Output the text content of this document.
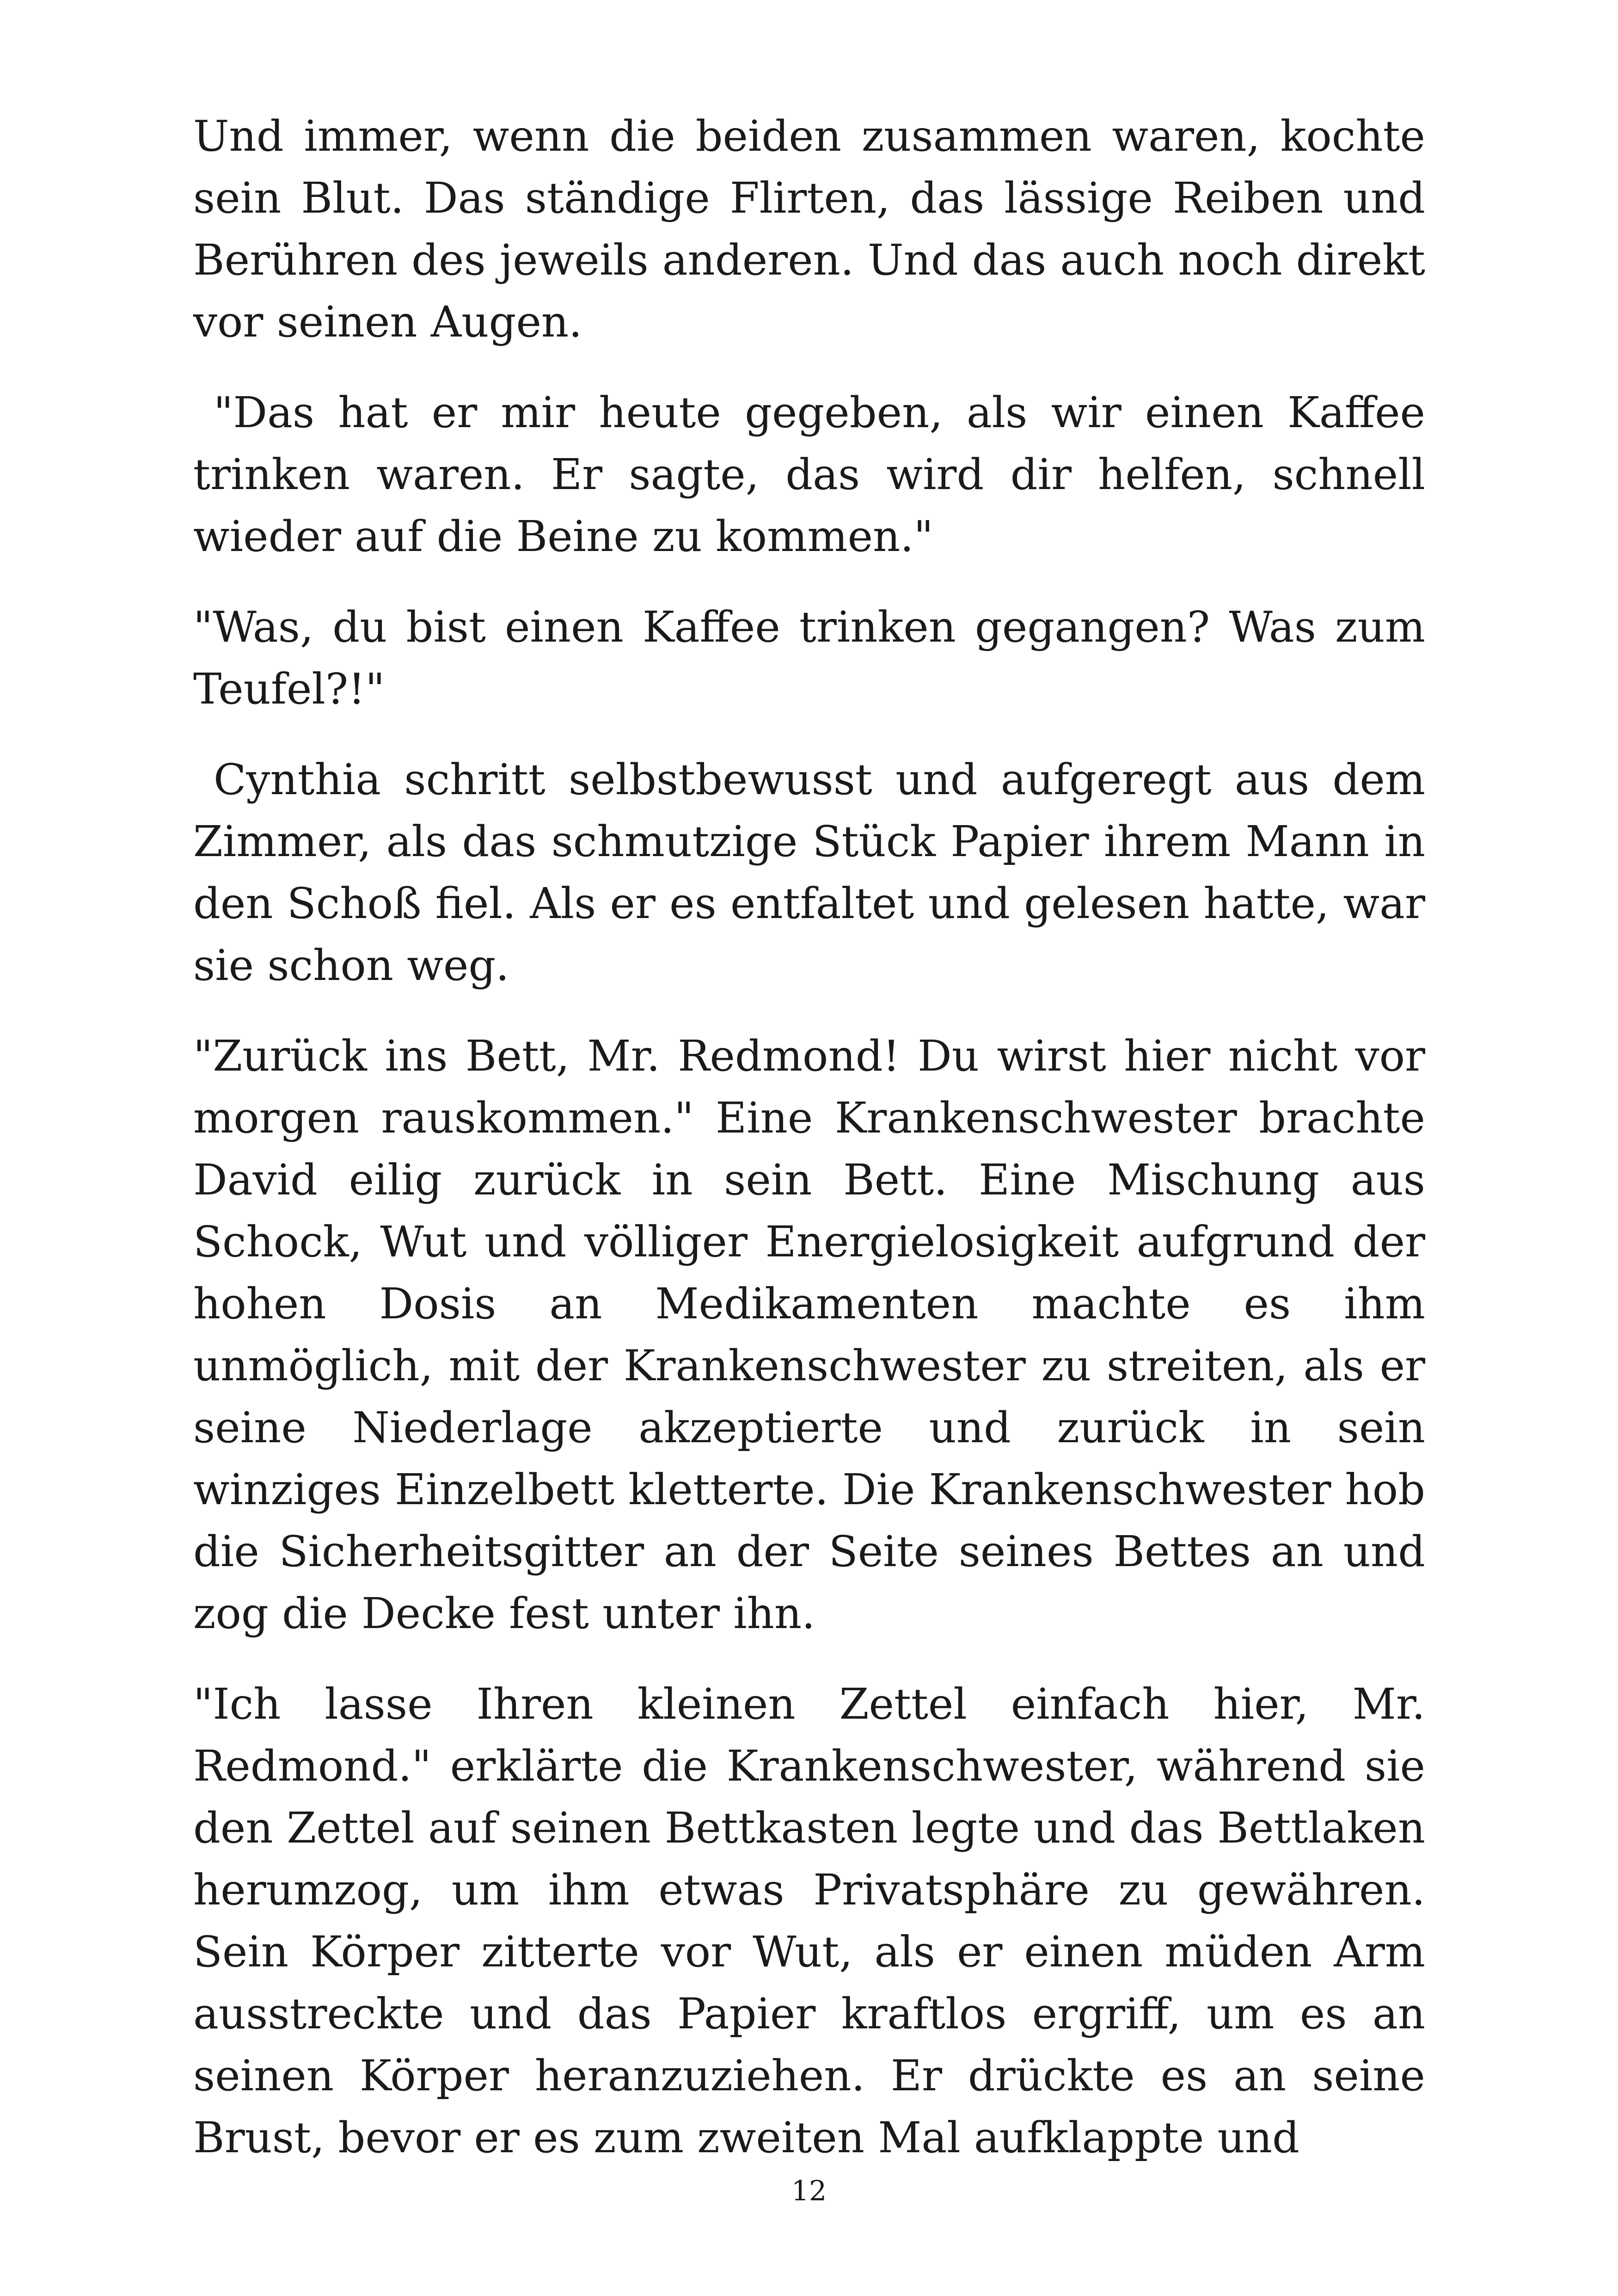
Und immer, wenn die beiden zusammen waren, kochte sein Blut. Das ständige Flirten, das lässige Reiben und Berühren des jeweils anderen. Und das auch noch direkt vor seinen Augen.

"Das hat er mir heute gegeben, als wir einen Kaffee trinken waren. Er sagte, das wird dir helfen, schnell wieder auf die Beine zu kommen."

"Was, du bist einen Kaffee trinken gegangen? Was zum Teufel?!"

Cynthia schritt selbstbewusst und aufgeregt aus dem Zimmer, als das schmutzige Stück Papier ihrem Mann in den Schoß fiel. Als er es entfaltet und gelesen hatte, war sie schon weg.

"Zurück ins Bett, Mr. Redmond! Du wirst hier nicht vor morgen rauskommen." Eine Krankenschwester brachte David eilig zurück in sein Bett. Eine Mischung aus Schock, Wut und völliger Energielosigkeit aufgrund der hohen Dosis an Medikamenten machte es ihm unmöglich, mit der Krankenschwester zu streiten, als er seine Niederlage akzeptierte und zurück in sein winziges Einzelbett kletterte. Die Krankenschwester hob die Sicherheitsgitter an der Seite seines Bettes an und zog die Decke fest unter ihn.

"Ich lasse Ihren kleinen Zettel einfach hier, Mr. Redmond." erklärte die Krankenschwester, während sie den Zettel auf seinen Bettkasten legte und das Bettlaken herumzog, um ihm etwas Privatsphäre zu gewähren. Sein Körper zitterte vor Wut, als er einen müden Arm ausstreckte und das Papier kraftlos ergriff, um es an seinen Körper heranzuziehen. Er drückte es an seine Brust, bevor er es zum zweiten Mal aufklappte und

12
